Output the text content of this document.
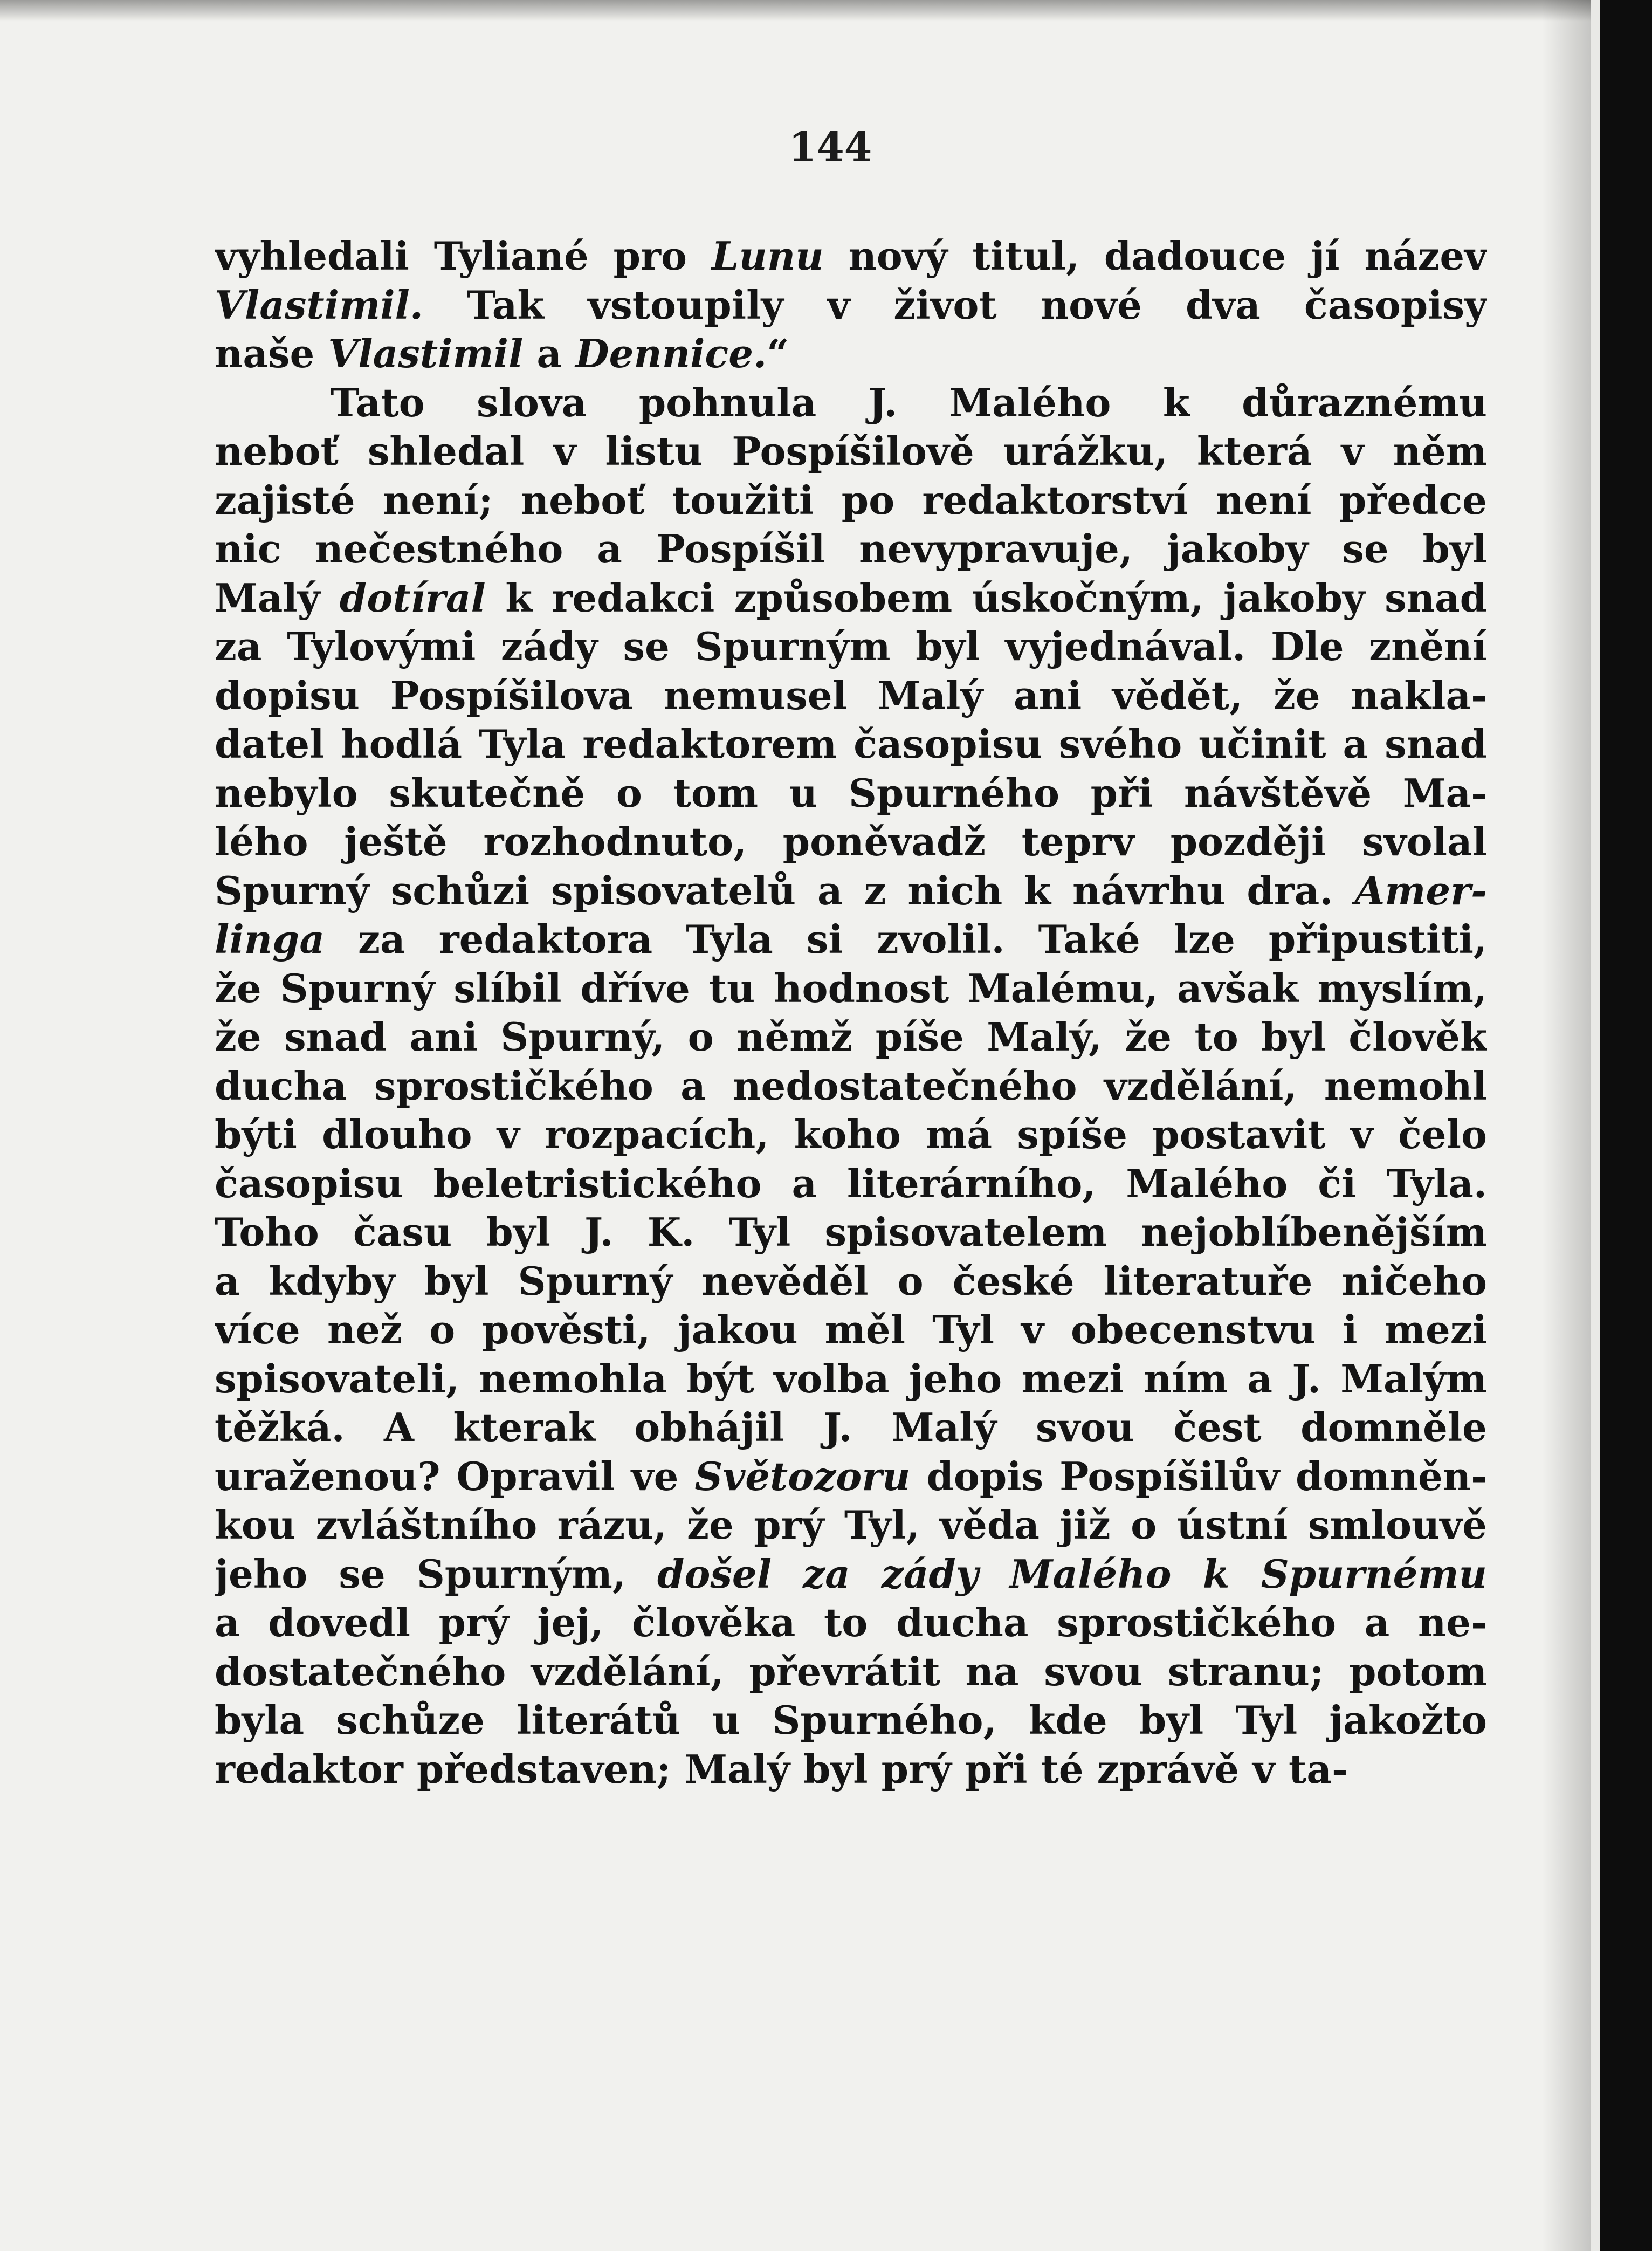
144
vyhledali Tyliané pro Lunu nový titul, dadouce jí název
Vlastimil. Tak vstoupily v život nové dva časopisy
naše Vlastimil a Dennice.“
Tato slova pohnula J. Malého k důraznému
neboť shledal v listu Pospíšilově urážku, která v něm
zajisté není; neboť toužiti po redaktorství není předce
nic nečestného a Pospíšil nevypravuje, jakoby se byl
Malý dotíral k redakci způsobem úskočným, jakoby snad
za Tylovými zády se Spurným byl vyjednával. Dle znění
dopisu Pospíšilova nemusel Malý ani vědět, že nakla-
datel hodlá Tyla redaktorem časopisu svého učinit a snad
nebylo skutečně o tom u Spurného při návštěvě Ma-
lého ještě rozhodnuto, poněvadž teprv později svolal
Spurný schůzi spisovatelů a z nich k návrhu dra. Amer-
linga za redaktora Tyla si zvolil. Také lze připustiti,
že Spurný slíbil dříve tu hodnost Malému, avšak myslím,
že snad ani Spurný, o němž píše Malý, že to byl člověk
ducha sprostičkého a nedostatečného vzdělání, nemohl
býti dlouho v rozpacích, koho má spíše postavit v čelo
časopisu beletristického a literárního, Malého či Tyla.
Toho času byl J. K. Tyl spisovatelem nejoblíbenějším
a kdyby byl Spurný nevěděl o české literatuře ničeho
více než o pověsti, jakou měl Tyl v obecenstvu i mezi
spisovateli, nemohla být volba jeho mezi ním a J. Malým
těžká. A kterak obhájil J. Malý svou čest domněle
uraženou? Opravil ve Světozoru dopis Pospíšilův domněn-
kou zvláštního rázu, že prý Tyl, věda již o ústní smlouvě
jeho se Spurným, došel za zády Malého k Spurnému
a dovedl prý jej, člověka to ducha sprostičkého a ne-
dostatečného vzdělání, převrátit na svou stranu; potom
byla schůze literátů u Spurného, kde byl Tyl jakožto
redaktor představen; Malý byl prý při té zprávě v ta-
